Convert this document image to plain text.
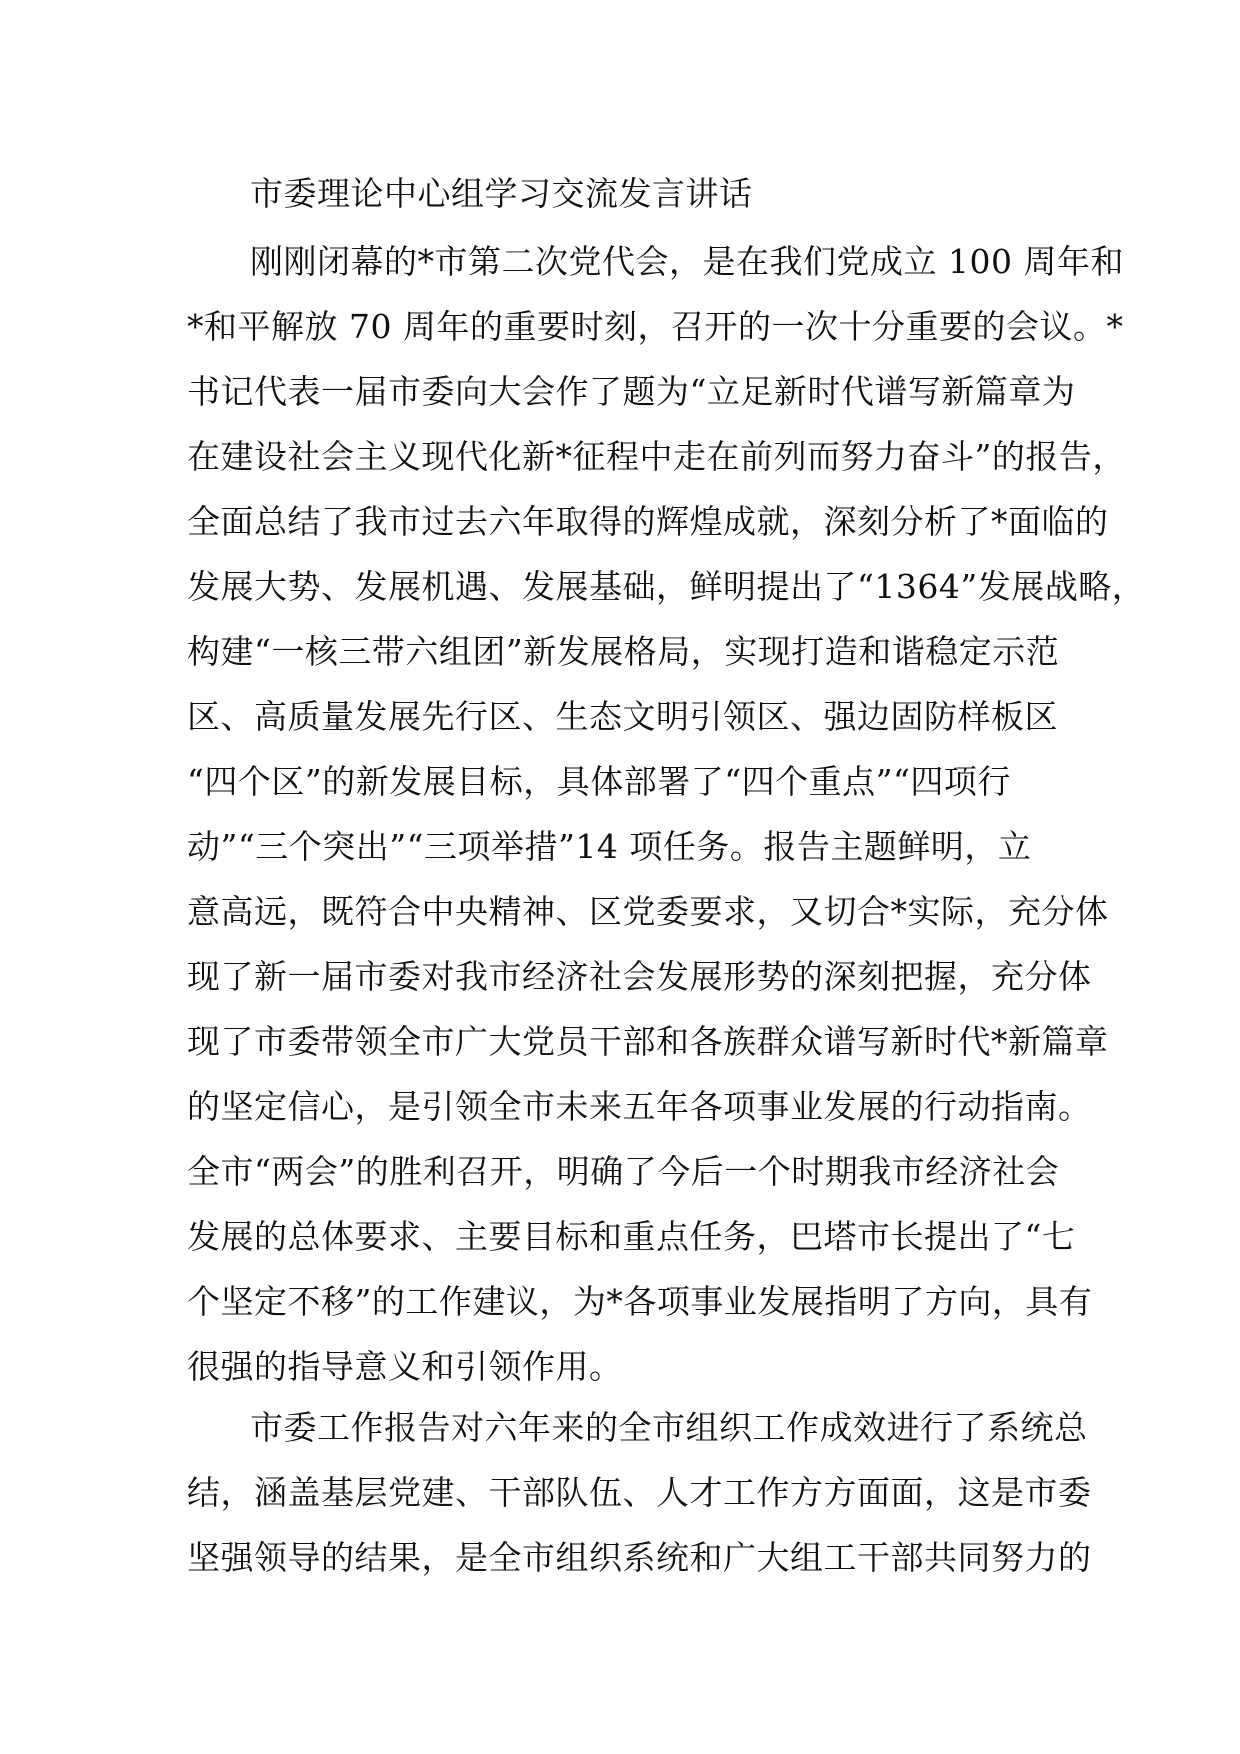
市委理论中心组学习交流发言讲话
刚刚闭幕的*市第二次党代会，是在我们党成立 100 周年和
*和平解放 70 周年的重要时刻，召开的一次十分重要的会议。*
书记代表一届市委向大会作了题为“立足新时代谱写新篇章为
在建设社会主义现代化新*征程中走在前列而努力奋斗”的报告，
全面总结了我市过去六年取得的辉煌成就，深刻分析了*面临的
发展大势、发展机遇、发展基础，鲜明提出了“1364”发展战略，
构建“一核三带六组团”新发展格局，实现打造和谐稳定示范
区、高质量发展先行区、生态文明引领区、强边固防样板区
“四个区”的新发展目标，具体部署了“四个重点”“四项行
动”“三个突出”“三项举措”14 项任务。报告主题鲜明，立
意高远，既符合中央精神、区党委要求，又切合*实际，充分体
现了新一届市委对我市经济社会发展形势的深刻把握，充分体
现了市委带领全市广大党员干部和各族群众谱写新时代*新篇章
的坚定信心，是引领全市未来五年各项事业发展的行动指南。
全市“两会”的胜利召开，明确了今后一个时期我市经济社会
发展的总体要求、主要目标和重点任务，巴塔市长提出了“七
个坚定不移”的工作建议，为*各项事业发展指明了方向，具有
很强的指导意义和引领作用。
市委工作报告对六年来的全市组织工作成效进行了系统总
结，涵盖基层党建、干部队伍、人才工作方方面面，这是市委
坚强领导的结果，是全市组织系统和广大组工干部共同努力的
